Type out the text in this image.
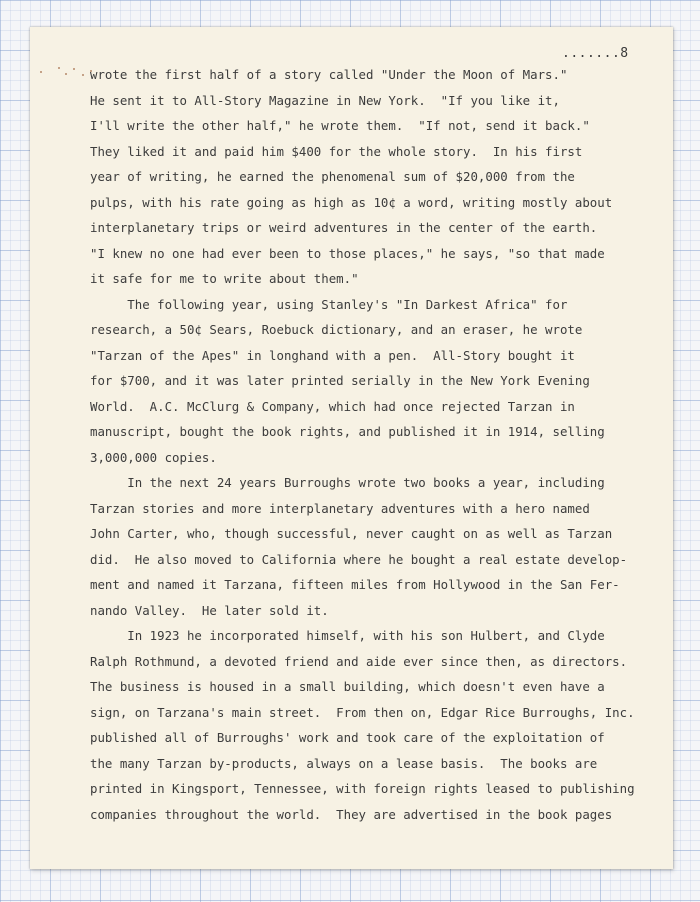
.......8
wrote the first half of a story called "Under the Moon of Mars."
He sent it to All-Story Magazine in New York.  "If you like it,
I'll write the other half," he wrote them.  "If not, send it back."
They liked it and paid him $400 for the whole story.  In his first
year of writing, he earned the phenomenal sum of $20,000 from the
pulps, with his rate going as high as 10¢ a word, writing mostly about
interplanetary trips or weird adventures in the center of the earth.
"I knew no one had ever been to those places," he says, "so that made
it safe for me to write about them."
The following year, using Stanley's "In Darkest Africa" for
research, a 50¢ Sears, Roebuck dictionary, and an eraser, he wrote
"Tarzan of the Apes" in longhand with a pen.  All-Story bought it
for $700, and it was later printed serially in the New York Evening
World.  A.C. McClurg & Company, which had once rejected Tarzan in
manuscript, bought the book rights, and published it in 1914, selling
3,000,000 copies.
In the next 24 years Burroughs wrote two books a year, including
Tarzan stories and more interplanetary adventures with a hero named
John Carter, who, though successful, never caught on as well as Tarzan
did.  He also moved to California where he bought a real estate develop-
ment and named it Tarzana, fifteen miles from Hollywood in the San Fer-
nando Valley.  He later sold it.
In 1923 he incorporated himself, with his son Hulbert, and Clyde
Ralph Rothmund, a devoted friend and aide ever since then, as directors.
The business is housed in a small building, which doesn't even have a
sign, on Tarzana's main street.  From then on, Edgar Rice Burroughs, Inc.
published all of Burroughs' work and took care of the exploitation of
the many Tarzan by-products, always on a lease basis.  The books are
printed in Kingsport, Tennessee, with foreign rights leased to publishing
companies throughout the world.  They are advertised in the book pages
